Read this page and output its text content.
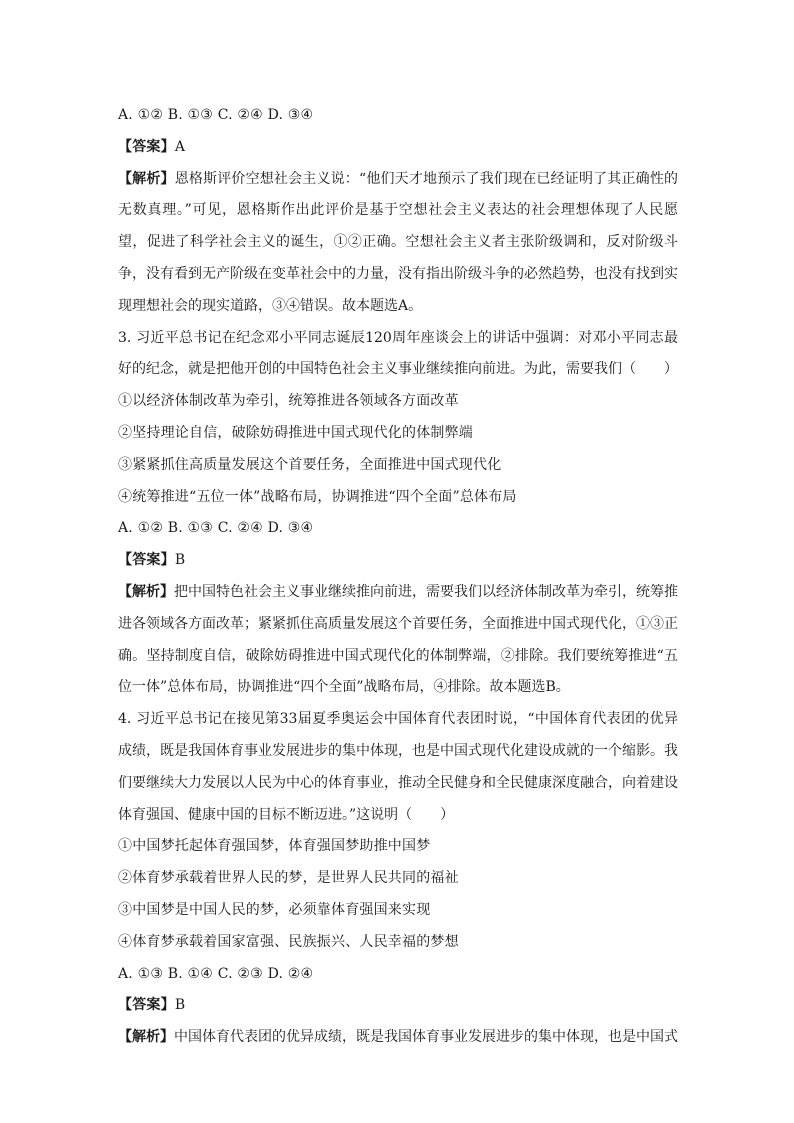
A. ①② B. ①③ C. ②④ D. ③④
【答案】A
【解析】恩格斯评价空想社会主义说：“他们天才地预示了我们现在已经证明了其正确性的无数真理。”可见，恩格斯作出此评价是基于空想社会主义表达的社会理想体现了人民愿望，促进了科学社会主义的诞生，①②正确。空想社会主义者主张阶级调和，反对阶级斗争，没有看到无产阶级在变革社会中的力量，没有指出阶级斗争的必然趋势，也没有找到实现理想社会的现实道路，③④错误。故本题选A。
3. 习近平总书记在纪念邓小平同志诞辰120周年座谈会上的讲话中强调：对邓小平同志最好的纪念，就是把他开创的中国特色社会主义事业继续推向前进。为此，需要我们（　　）
①以经济体制改革为牵引，统筹推进各领域各方面改革
②坚持理论自信，破除妨碍推进中国式现代化的体制弊端
③紧紧抓住高质量发展这个首要任务，全面推进中国式现代化
④统筹推进“五位一体”战略布局，协调推进“四个全面”总体布局
A. ①② B. ①③ C. ②④ D. ③④
【答案】B
【解析】把中国特色社会主义事业继续推向前进，需要我们以经济体制改革为牵引，统筹推进各领域各方面改革；紧紧抓住高质量发展这个首要任务，全面推进中国式现代化，①③正确。坚持制度自信，破除妨碍推进中国式现代化的体制弊端，②排除。我们要统筹推进“五位一体”总体布局，协调推进“四个全面”战略布局，④排除。故本题选B。
4. 习近平总书记在接见第33届夏季奥运会中国体育代表团时说，“中国体育代表团的优异成绩，既是我国体育事业发展进步的集中体现，也是中国式现代化建设成就的一个缩影。我们要继续大力发展以人民为中心的体育事业，推动全民健身和全民健康深度融合，向着建设体育强国、健康中国的目标不断迈进。”这说明（　　）
①中国梦托起体育强国梦，体育强国梦助推中国梦
②体育梦承载着世界人民的梦，是世界人民共同的福祉
③中国梦是中国人民的梦，必须靠体育强国来实现
④体育梦承载着国家富强、民族振兴、人民幸福的梦想
A. ①③ B. ①④ C. ②③ D. ②④
【答案】B
【解析】中国体育代表团的优异成绩，既是我国体育事业发展进步的集中体现，也是中国式
